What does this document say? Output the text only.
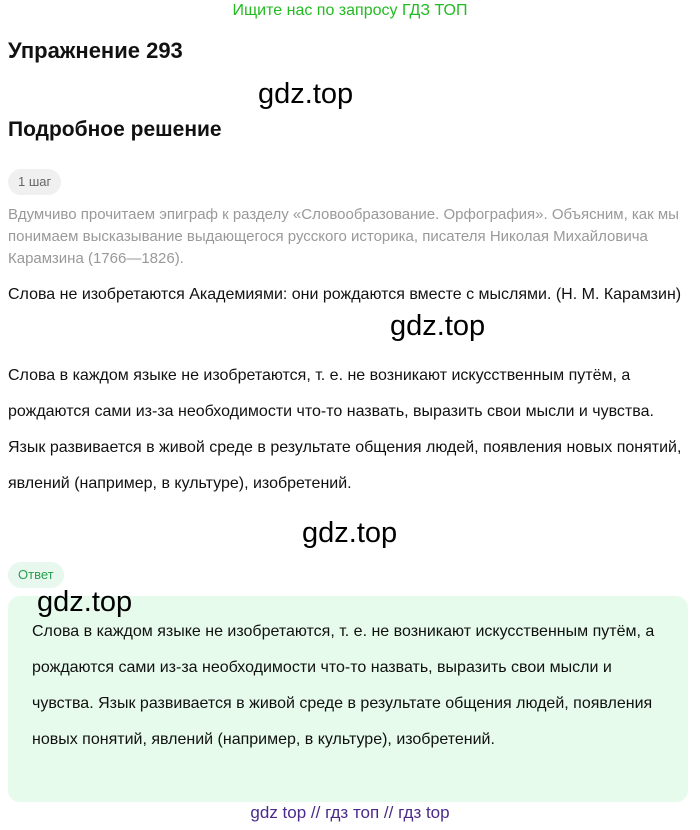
Ищите нас по запросу ГДЗ ТОП
Упражнение 293
gdz.top
Подробное решение
1 шаг
Вдумчиво прочитаем эпиграф к разделу «Словообразование. Орфография». Объясним, как мы понимаем высказывание выдающегося русского историка, писателя Николая Михайловича Карамзина (1766—1826).
Слова не изобретаются Академиями: они рождаются вместе с мыслями. (Н. М. Карамзин)
gdz.top
Слова в каждом языке не изобретаются, т. е. не возникают искусственным путём, а рождаются сами из-за необходимости что-то назвать, выразить свои мысли и чувства. Язык развивается в живой среде в результате общения людей, появления новых понятий, явлений (например, в культуре), изобретений.
gdz.top
Ответ
Слова в каждом языке не изобретаются, т. е. не возникают искусственным путём, а рождаются сами из-за необходимости что-то назвать, выразить свои мысли и чувства. Язык развивается в живой среде в результате общения людей, появления новых понятий, явлений (например, в культуре), изобретений.
gdz.top
gdz top // гдз топ // гдз top
